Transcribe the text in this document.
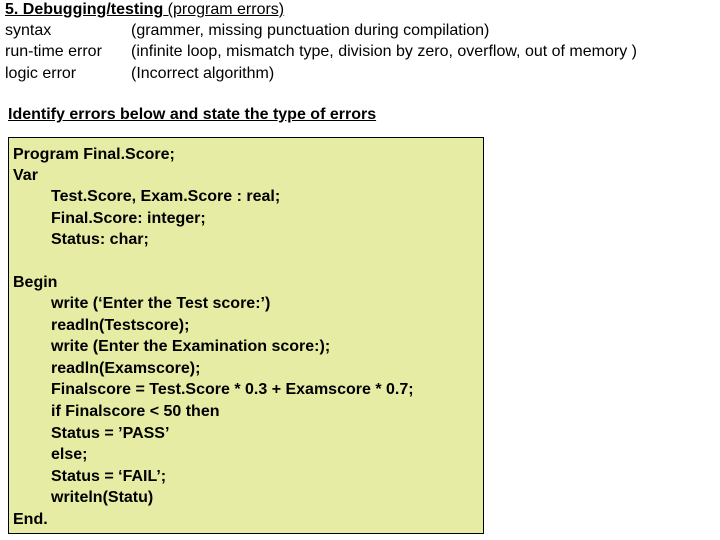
5. Debugging/testing (program errors)
syntax	(grammer, missing punctuation during compilation)
run-time error (infinite loop, mismatch type, division by zero, overflow, out of memory )
logic error	(Incorrect algorithm)
Identify errors below and state the type of errors
Program Final.Score;
Var
Test.Score, Exam.Score : real;
Final.Score: integer;
Status: char;
Begin
write (‘Enter the Test score:’)
readln(Testscore);
write (Enter the Examination score:);
readln(Examscore);
Finalscore = Test.Score * 0.3 + Examscore * 0.7;
if Finalscore < 50 then
Status = ’PASS’
else;
Status = ‘FAIL’;
writeln(Statu)
End.
